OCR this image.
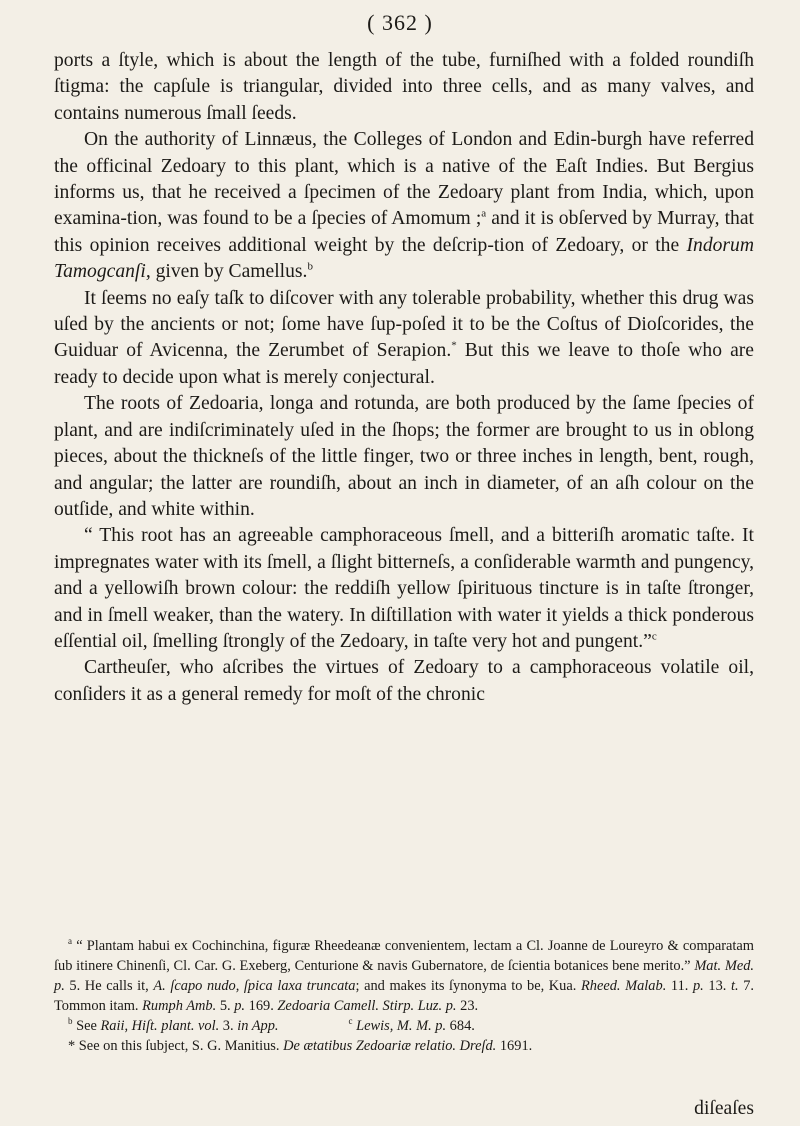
( 362 )

ports a ſtyle, which is about the length of the tube, furniſhed with a folded roundiſh ſtigma: the capſule is triangular, divided into three cells, and as many valves, and contains numerous ſmall ſeeds.

On the authority of Linnæus, the Colleges of London and Edin-burgh have referred the officinal Zedoary to this plant, which is a native of the Eaſt Indies. But Bergius informs us, that he received a ſpecimen of the Zedoary plant from India, which, upon examina-tion, was found to be a ſpecies of Amomum ;$^a$ and it is obſerved by Murray, that this opinion receives additional weight by the deſcrip-tion of Zedoary, or the Indorum Tamogcanſi, given by Camellus.$^b$

It ſeems no eaſy taſk to diſcover with any tolerable probability, whether this drug was uſed by the ancients or not; ſome have ſup-poſed it to be the Coſtus of Dioſcorides, the Guiduar of Avicenna, the Zerumbet of Serapion.* But this we leave to thoſe who are ready to decide upon what is merely conjectural.

The roots of Zedoaria, longa and rotunda, are both produced by the ſame ſpecies of plant, and are indiſcriminately uſed in the ſhops; the former are brought to us in oblong pieces, about the thickneſs of the little finger, two or three inches in length, bent, rough, and angular; the latter are roundiſh, about an inch in diameter, of an aſh colour on the outſide, and white within.

“ This root has an agreeable camphoraceous ſmell, and a bitteriſh aromatic taſte. It impregnates water with its ſmell, a ſlight bitterneſs, a conſiderable warmth and pungency, and a yellowiſh brown colour: the reddiſh yellow ſpirituous tincture is in taſte ſtronger, and in ſmell weaker, than the watery. In diſtillation with water it yields a thick ponderous eſſential oil, ſmelling ſtrongly of the Zedoary, in taſte very hot and pungent.”$^c$

Cartheuſer, who aſcribes the virtues of Zedoary to a camphoraceous volatile oil, conſiders it as a general remedy for moſt of the chronic

$^a$ “ Plantam habui ex Cochinchina, figuræ Rheedeanæ convenientem, lectam a Cl. Joanne de Loureyro & comparatam ſub itinere Chinenſi, Cl. Car. G. Exeberg, Centurione & navis Gubernatore, de ſcientia botanices bene merito.” Mat. Med. p. 5. He calls it, A. ſcapo nudo, ſpica laxa truncata; and makes its ſynonyma to be, Kua. Rheed. Malab. 11. p. 13. t. 7. Tommon itam. Rumph Amb. 5. p. 169. Zedoaria Camell. Stirp. Luz. p. 23.

$^b$ See Raii, Hiſt. plant. vol. 3. in App.	$^c$ Lewis, M. M. p. 684.

* See on this ſubject, S. G. Manitius. De ætatibus Zedoariæ relatio. Dreſd. 1691.

diſeaſes
